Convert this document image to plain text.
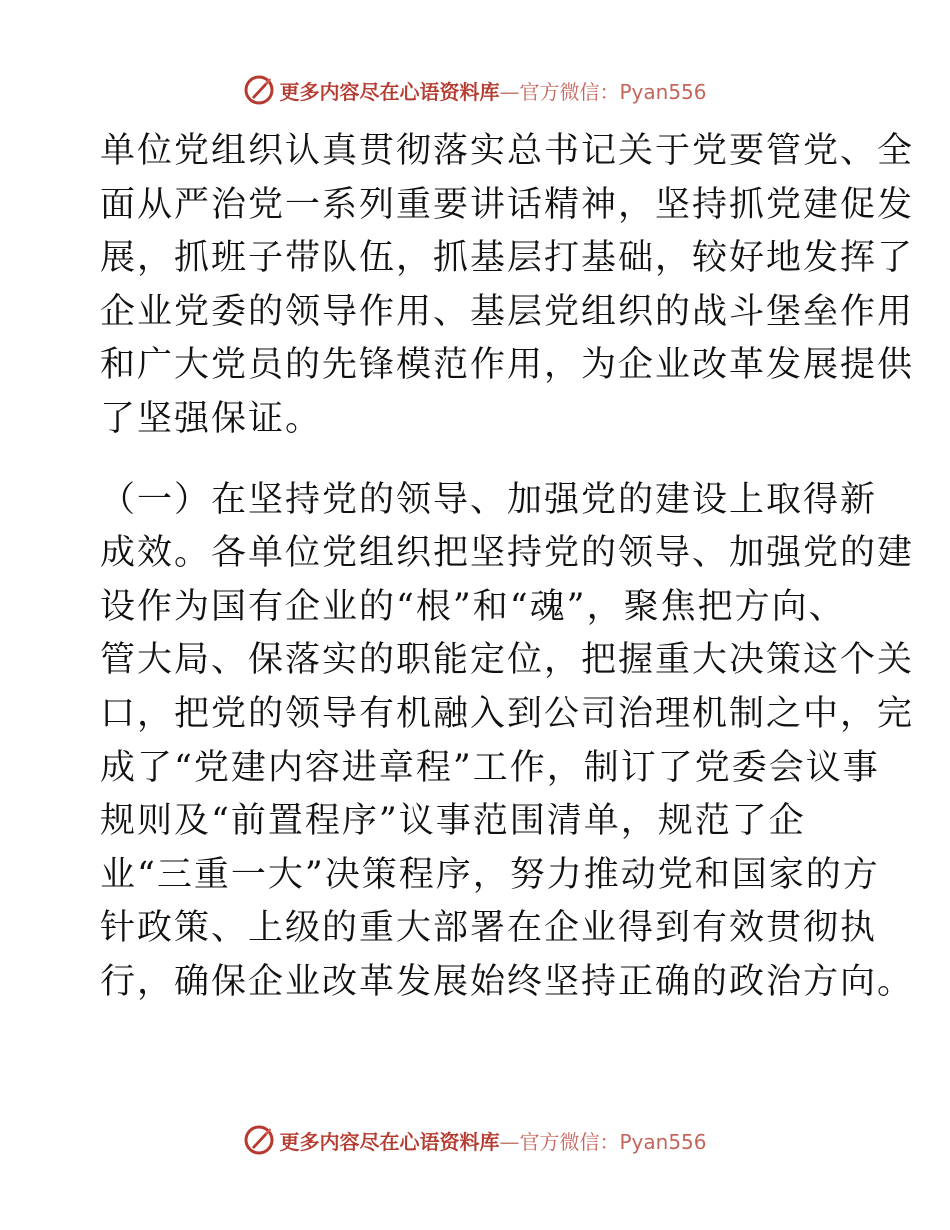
更多内容尽在心语资料库—官方微信：Pyan556

单位党组织认真贯彻落实总书记关于党要管党、全
面从严治党一系列重要讲话精神，坚持抓党建促发
展，抓班子带队伍，抓基层打基础，较好地发挥了
企业党委的领导作用、基层党组织的战斗堡垒作用
和广大党员的先锋模范作用，为企业改革发展提供
了坚强保证。

（一）在坚持党的领导、加强党的建设上取得新
成效。各单位党组织把坚持党的领导、加强党的建
设作为国有企业的“根”和“魂”，聚焦把方向、
管大局、保落实的职能定位，把握重大决策这个关
口，把党的领导有机融入到公司治理机制之中，完
成了“党建内容进章程”工作，制订了党委会议事
规则及“前置程序”议事范围清单，规范了企
业“三重一大”决策程序，努力推动党和国家的方
针政策、上级的重大部署在企业得到有效贯彻执
行，确保企业改革发展始终坚持正确的政治方向。

更多内容尽在心语资料库—官方微信：Pyan556
